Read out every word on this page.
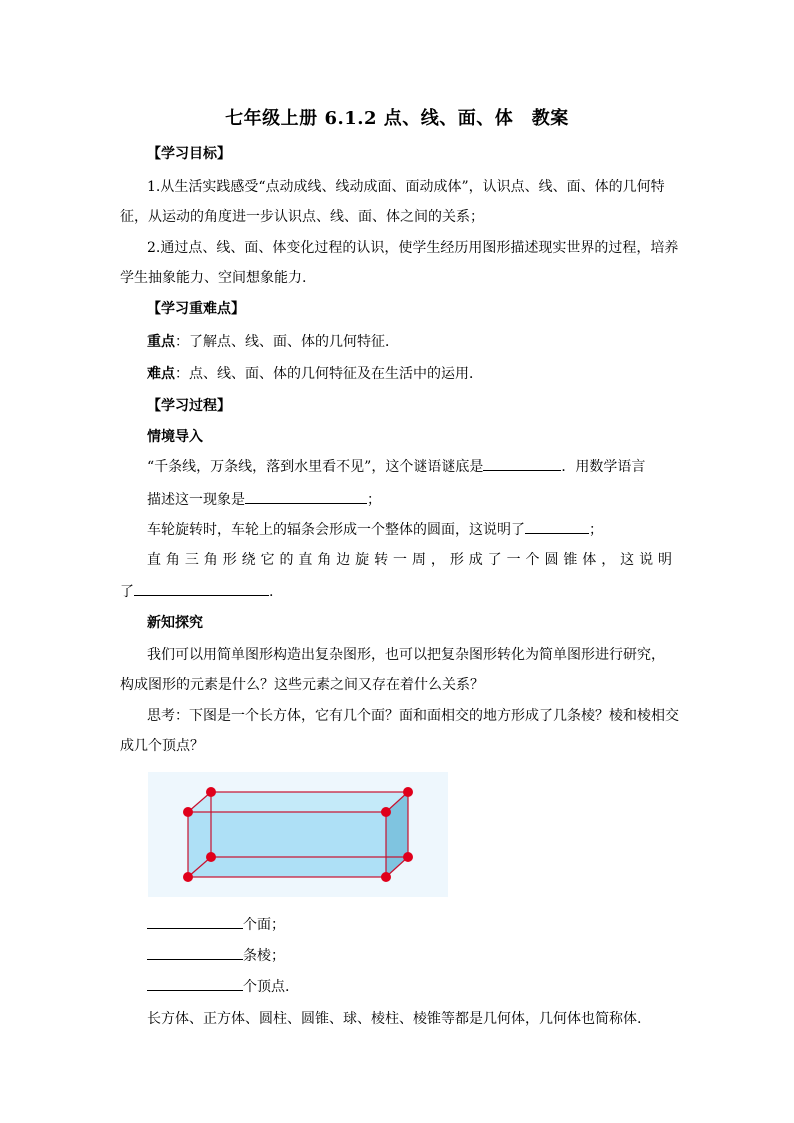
七年级上册 6.1.2 点、线、面、体　教案
【学习目标】
1.从生活实践感受“点动成线、线动成面、面动成体”，认识点、线、面、体的几何特
征，从运动的角度进一步认识点、线、面、体之间的关系；
2.通过点、线、面、体变化过程的认识，使学生经历用图形描述现实世界的过程，培养
学生抽象能力、空间想象能力.
【学习重难点】
重点：了解点、线、面、体的几何特征．
难点：点、线、面、体的几何特征及在生活中的运用．
【学习过程】
情境导入
“千条线，万条线，落到水里看不见”，这个谜语谜底是	．用数学语言
描述这一现象是	；
车轮旋转时，车轮上的辐条会形成一个整体的圆面，这说明了	；
直角三角形绕它的直角边旋转一周，形成了一个圆锥体，这说明
了	.
新知探究
我们可以用简单图形构造出复杂图形，也可以把复杂图形转化为简单图形进行研究，
构成图形的元素是什么？这些元素之间又存在着什么关系？
思考：下图是一个长方体，它有几个面？面和面相交的地方形成了几条棱？棱和棱相交
成几个顶点？
个面；
条棱；
个顶点.
长方体、正方体、圆柱、圆锥、球、棱柱、棱锥等都是几何体，几何体也简称体.
